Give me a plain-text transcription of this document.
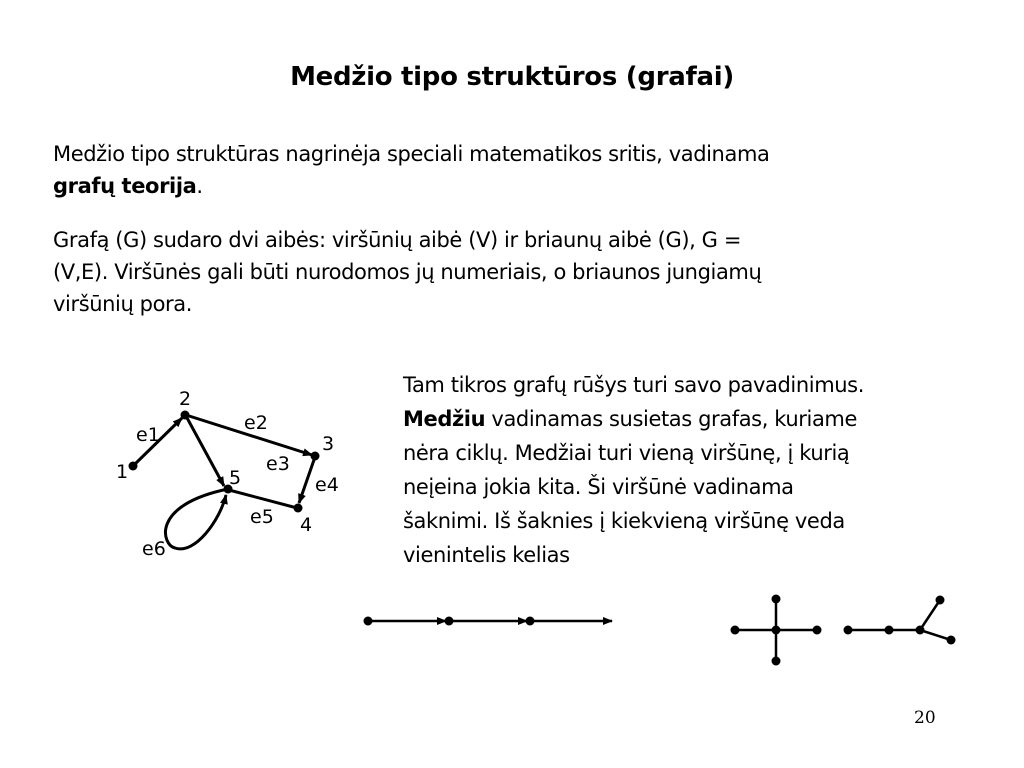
Medžio tipo struktūros (grafai)
Medžio tipo struktūras nagrinėja speciali matematikos sritis, vadinama
grafų teorija.
Grafą (G) sudaro dvi aibės: viršūnių aibė (V) ir briaunų aibė (G), G =
(V,E). Viršūnės gali būti nurodomos jų numeriais, o briaunos jungiamų
viršūnių pora.
Tam tikros grafų rūšys turi savo pavadinimus.
Medžiu vadinamas susietas grafas, kuriame
nėra ciklų. Medžiai turi vieną viršūnę, į kurią
neįeina jokia kita. Ši viršūnė vadinama
šaknimi. Iš šaknies į kiekvieną viršūnę veda
vienintelis kelias
1
2
3
4
5
e1
e2
e3
e4
e5
e6
20
